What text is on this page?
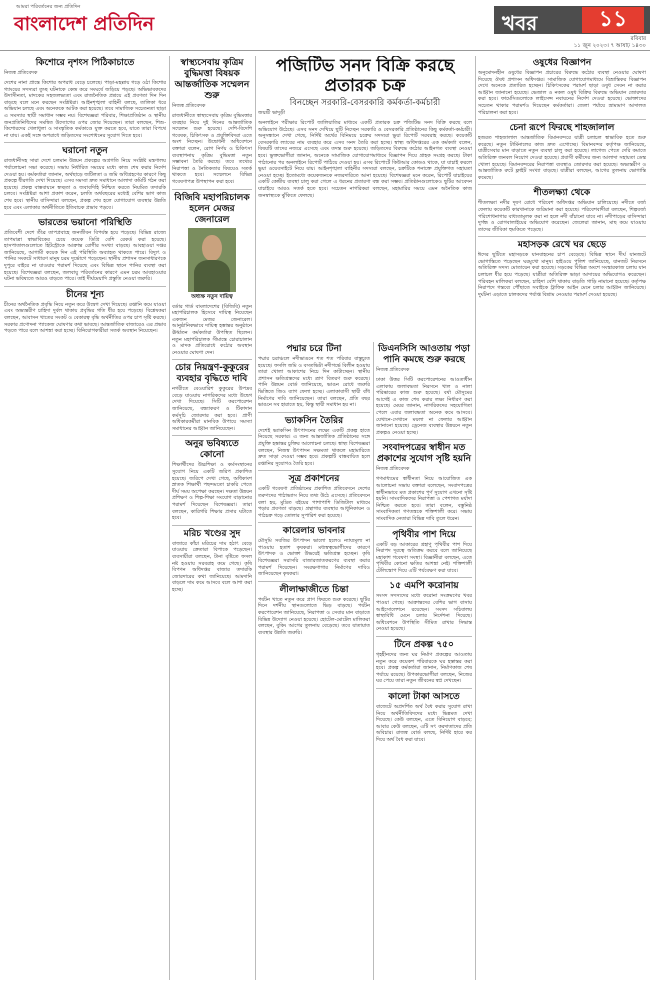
আমরা পরিবর্তনের জন্য প্রতিদিন
বাংলাদেশ প্রতিদিন	খবর	১১
রবিবার
১১ জুন ২০২৩। ৭ আষাঢ় ১৪৩০
কিশোরে নৃশংস পিঠিকাচাতে
নিজস্ব প্রতিবেদক
দেশের নানা প্রান্তে কিশোর অপরাধ বেড়ে চলেছে। পাড়া-মহল্লায় গড়ে ওঠা কিশোর গ্যাংয়ের সদস্যরা তুচ্ছ ঘটনাকে কেন্দ্র করে সংঘর্ষে জড়িয়ে পড়ছে। অভিভাবকদের উদাসীনতা, মাদকের সহজলভ্যতা এবং রাজনৈতিক প্রশ্রয়ে এই প্রবণতা দিন দিন বাড়ছে বলে মনে করছেন সংশ্লিষ্টরা। আইনশৃঙ্খলা বাহিনী বলছে, তালিকা ধরে অভিযান চলছে এবং অনেককে আটক করা হয়েছে। তবে সামাজিক সচেতনতা ছাড়া এ সমস্যার স্থায়ী সমাধান সম্ভব নয়। বিশেষজ্ঞরা পরিবার, শিক্ষাপ্রতিষ্ঠান ও স্থানীয় জনপ্রতিনিধিদের সমন্বিত উদ্যোগের ওপর জোর দিয়েছেন। তারা বলছেন, শিশু-কিশোরদের খেলাধুলা ও সাংস্কৃতিক কর্মকাণ্ডে যুক্ত করতে হবে, যাতে তারা বিপথে না যায়। একই সঙ্গে অপরাধে জড়িতদের সংশোধনের সুযোগ দিতে হবে।
ঘরানো নতুন
রাজধানীসহ সারা দেশে চলমান উন্নয়ন প্রকল্পের অগ্রগতি নিয়ে সংশ্লিষ্ট মন্ত্রণালয় পর্যালোচনা সভা করেছে। সভায় নির্ধারিত সময়ের মধ্যে কাজ শেষ করার নির্দেশ দেওয়া হয়। কর্মকর্তারা জানান, অর্থছাড়ে জটিলতা ও জমি অধিগ্রহণের কারণে কিছু প্রকল্পে ধীরগতি দেখা দিয়েছে। এসব সমস্যা দ্রুত সমাধানে আলাদা কমিটি গঠন করা হয়েছে। প্রকল্প বাস্তবায়নে স্বচ্ছতা ও জবাবদিহি নিশ্চিত করতে নিয়মিত তদারকি চলবে। সংশ্লিষ্টরা আশা প্রকাশ করেন, চলতি অর্থবছরের মধ্যেই বেশির ভাগ কাজ শেষ হবে। স্থানীয় বাসিন্দারা বলছেন, প্রকল্প শেষ হলে যোগাযোগ ব্যবস্থার উন্নতি হবে এবং এলাকার অর্থনীতিতে ইতিবাচক প্রভাব পড়বে।
ভারতের ভয়ানো পরিস্থিতি
প্রতিবেশী দেশে তীব্র তাপপ্রবাহে জনজীবন বিপর্যস্ত হয়ে পড়েছে। বিভিন্ন রাজ্যে তাপমাত্রা স্বাভাবিকের চেয়ে কয়েক ডিগ্রি বেশি রেকর্ড করা হয়েছে। হাসপাতালগুলোতে হিটস্ট্রোকে আক্রান্ত রোগীর সংখ্যা বাড়ছে। আবহাওয়া দপ্তর জানিয়েছে, আগামী কয়েক দিন এই পরিস্থিতি অব্যাহত থাকতে পারে। বিদ্যুৎ ও পানির সংকটে সাধারণ মানুষ চরম দুর্ভোগে পড়েছেন। স্থানীয় প্রশাসন জনসাধারণকে দুপুরে বাইরে না যাওয়ার পরামর্শ দিয়েছে এবং বিভিন্ন স্থানে পানির ব্যবস্থা করা হয়েছে। বিশেষজ্ঞরা বলছেন, জলবায়ু পরিবর্তনের কারণে এমন চরম আবহাওয়ার ঘটনা ভবিষ্যতে আরও বাড়তে পারে। তাই দীর্ঘমেয়াদি প্রস্তুতি নেওয়া জরুরি।
চীনের শূন্য
চীনের অর্থনৈতিক প্রবৃদ্ধি নিয়ে নতুন করে উদ্বেগ দেখা দিয়েছে। রপ্তানি কমে যাওয়া এবং অভ্যন্তরীণ চাহিদা দুর্বল থাকায় প্রবৃদ্ধির গতি ধীর হয়ে পড়েছে। বিশ্লেষকরা বলছেন, আবাসন খাতের সংকট ও বেকারত্ব বৃদ্ধি অর্থনীতির ওপর চাপ সৃষ্টি করছে। সরকার প্রণোদনা প্যাকেজ ঘোষণার কথা ভাবছে। আন্তর্জাতিক বাজারেও এর প্রভাব পড়তে পারে বলে আশঙ্কা করা হচ্ছে। বিনিয়োগকারীরা সতর্ক অবস্থান নিয়েছেন।
স্বাস্থ্যসেবায় কৃত্রিম বুদ্ধিমত্তা বিষয়ক আন্তর্জাতিক সম্মেলন শুরু
নিজস্ব প্রতিবেদক
রাজধানীতে স্বাস্থ্যসেবায় কৃত্রিম বুদ্ধিমত্তার ব্যবহার নিয়ে দুই দিনের আন্তর্জাতিক সম্মেলন শুরু হয়েছে। দেশি-বিদেশি গবেষক, চিকিৎসক ও প্রযুক্তিবিদরা এতে অংশ নিচ্ছেন। উদ্বোধনী অধিবেশনে বক্তারা বলেন, রোগ নির্ণয় ও চিকিৎসা ব্যবস্থাপনায় কৃত্রিম বুদ্ধিমত্তা নতুন সম্ভাবনা তৈরি করছে। তবে তথ্যের নিরাপত্তা ও নৈতিকতার বিষয়েও সতর্ক থাকতে হবে। সম্মেলনে বিভিন্ন গবেষণাপত্র উপস্থাপন করা হবে।
বিজিবি মহাপরিচালক হলেন মেজর জেনারেল
অধ্যক্ষ নতুন দায়িত্ব
বর্ডার গার্ড বাংলাদেশের (বিজিবি) নতুন মহাপরিচালক হিসেবে দায়িত্ব নিয়েছেন একজন মেজর জেনারেল। আনুষ্ঠানিকভাবে দায়িত্ব হস্তান্তর অনুষ্ঠানে ঊর্ধ্বতন কর্মকর্তারা উপস্থিত ছিলেন। নতুন মহাপরিচালক সীমান্তে চোরাচালান ও মাদক প্রতিরোধে কঠোর অবস্থান নেওয়ার ঘোষণা দেন।
চোর নিয়ন্ত্রণ-কুকুরের ব্যবহার বৃদ্ধিতে দাবি
নগরীতে বেওয়ারিশ কুকুরের উপদ্রব বেড়ে যাওয়ায় নাগরিকদের মধ্যে উদ্বেগ দেখা দিয়েছে। সিটি করপোরেশন জানিয়েছে, বন্ধ্যাকরণ ও টিকাদান কর্মসূচি জোরদার করা হবে। প্রাণী অধিকারকর্মীরা মানবিক উপায়ে সমস্যা সমাধানের আহ্বান জানিয়েছেন।
অনুর ভবিষ্যতে কোনো
শিক্ষার্থীদের উচ্চশিক্ষা ও কর্মসংস্থানের সুযোগ নিয়ে একটি জরিপ প্রকাশিত হয়েছে। জরিপে দেখা গেছে, অধিকাংশ স্নাতক শিক্ষার্থী পছন্দমতো চাকরি পেতে দীর্ঘ সময় অপেক্ষা করছেন। দক্ষতা উন্নয়ন প্রশিক্ষণ ও শিল্প-শিক্ষা সংযোগ বাড়ানোর পরামর্শ দিয়েছেন বিশেষজ্ঞরা। তারা বলছেন, কারিগরি শিক্ষার প্রসার ঘটাতে হবে।
মরিচ খণ্ডের সুদ
বাজারে কাঁচা মরিচের দাম হঠাৎ বেড়ে যাওয়ায় ক্রেতারা বিপাকে পড়েছেন। ব্যবসায়ীরা বলছেন, টানা বৃষ্টিতে ফসল নষ্ট হওয়ায় সরবরাহ কমে গেছে। কৃষি বিপণন অধিদপ্তর বাজার তদারকি জোরদারের কথা জানিয়েছে। আমদানি বাড়লে দাম কমে আসবে বলে আশা করা হচ্ছে।
পজিটিভ সনদ বিক্রি করছে প্রতারক চক্র
বিনচ্ছেন সরকারি-বেসরকারি কর্মকর্তা-কর্মচারী
জয়শ্রী ভাদুড়ী
অনলাইনে পরীক্ষার রিপোর্ট জালিয়াতির মাধ্যমে একটি প্রতারক চক্র পজিটিভ সনদ বিক্রি করছে বলে অভিযোগ উঠেছে। এসব সনদ দেখিয়ে ছুটি নিচ্ছেন সরকারি ও বেসরকারি প্রতিষ্ঠানের কিছু কর্মকর্তা-কর্মচারী। অনুসন্ধানে দেখা গেছে, নির্দিষ্ট অর্থের বিনিময়ে চক্রের সদস্যরা ভুয়া রিপোর্ট সরবরাহ করছে। কয়েকটি বেসরকারি ল্যাবের নাম ব্যবহার করে এসব সনদ তৈরি করা হচ্ছে। স্বাস্থ্য অধিদপ্তরের এক কর্মকর্তা বলেন, বিষয়টি তাদের নজরে এসেছে এবং তদন্ত শুরু হয়েছে। জড়িতদের বিরুদ্ধে কঠোর আইনগত ব্যবস্থা নেওয়া হবে। ভুক্তভোগীরা জানান, অনেকে সামাজিক যোগাযোগমাধ্যমে বিজ্ঞাপন দিয়ে গ্রাহক সংগ্রহ করছে। টাকা পাঠানোর পর অনলাইনে রিপোর্ট পাঠিয়ে দেওয়া হয়। এসব রিপোর্টে কিউআর কোডও থাকে, যা যাচাই করলে ভুয়া ওয়েবসাইটে নিয়ে যায়। আইনশৃঙ্খলা বাহিনীর সদস্যরা বলছেন, চক্রটিকে শনাক্তে প্রযুক্তিগত সহায়তা নেওয়া হচ্ছে। ইতোমধ্যে কয়েকজনকে নজরদারিতে আনা হয়েছে। বিশেষজ্ঞরা মনে করেন, রিপোর্ট যাচাইয়ের একটি কেন্দ্রীয় ব্যবস্থা চালু করা গেলে এ ধরনের প্রতারণা বন্ধ করা সম্ভব। প্রতিষ্ঠানগুলোকেও ছুটির আবেদন যাচাইয়ে আরও সতর্ক হতে হবে। সচেতন নাগরিকরা বলছেন, মহামারির সময়ে এমন অনৈতিক কাজ জনস্বাস্থ্যকে ঝুঁকিতে ফেলছে।
পদ্মার চরে টিনা
পদ্মার চরাঞ্চলে নদীভাঙনে শত শত পরিবার বাস্তুচ্যুত হয়েছে। ফসলি জমি ও বসতভিটা নদীগর্ভে বিলীন হওয়ায় তারা খোলা আকাশের নিচে দিন কাটাচ্ছেন। স্থানীয় প্রশাসন ক্ষতিগ্রস্তদের মধ্যে ত্রাণ বিতরণ শুরু করেছে। পানি উন্নয়ন বোর্ড জানিয়েছে, ভাঙন রোধে জরুরি ভিত্তিতে জিও ব্যাগ ফেলা হচ্ছে। এলাকাবাসী স্থায়ী বাঁধ নির্মাণের দাবি জানিয়েছেন। তারা বলছেন, প্রতি বছর ভাঙনে সব হারাতে হয়, কিন্তু স্থায়ী সমাধান হয় না।
ভ্যাকসিন তৈরির
দেশেই ভ্যাকসিন উৎপাদনের লক্ষ্যে একটি প্রকল্প হাতে নিয়েছে সরকার। এ জন্য আন্তর্জাতিক প্রতিষ্ঠানের সঙ্গে প্রযুক্তি হস্তান্তর চুক্তির আলোচনা চলছে। স্বাস্থ্য বিশেষজ্ঞরা বলছেন, নিজস্ব উৎপাদন সক্ষমতা থাকলে মহামারিতে দ্রুত সাড়া দেওয়া সম্ভব হবে। প্রকল্পটি বাস্তবায়িত হলে রপ্তানির সুযোগও তৈরি হবে।
সূত্র প্রকাশনের
একটি গবেষণা প্রতিষ্ঠানের প্রকাশিত প্রতিবেদনে দেশের তরুণদের পাঠাভ্যাস নিয়ে তথ্য উঠে এসেছে। প্রতিবেদনে বলা হয়, মুদ্রিত বইয়ের পাশাপাশি ডিজিটাল মাধ্যমে পড়ার প্রবণতা বাড়ছে। গ্রন্থাগার ব্যবস্থার আধুনিকায়ন ও পাঠচক্র গড়ে তোলার সুপারিশ করা হয়েছে।
কারেলার ভাবনার
মৌসুমি সবজির উৎপাদন ভালো হলেও ন্যায্যমূল্য না পাওয়ায় হতাশ কৃষকরা। মধ্যস্বত্বভোগীদের কারণে উৎপাদক ও ভোক্তা উভয়েই ক্ষতিগ্রস্ত হচ্ছেন। কৃষি বিশেষজ্ঞরা সরাসরি বাজারজাতকরণের ব্যবস্থা করার পরামর্শ দিয়েছেন। সংরক্ষণাগার নির্মাণের দাবিও জানিয়েছেন কৃষকরা।
লীলাক্ষাজীতে চিন্তা
পর্যটন খাতে নতুন করে প্রাণ ফিরতে শুরু করেছে। ছুটির দিনে দর্শনীয় স্থানগুলোতে ভিড় বাড়ছে। পর্যটন করপোরেশন জানিয়েছে, নিরাপত্তা ও সেবার মান বাড়াতে বিভিন্ন উদ্যোগ নেওয়া হয়েছে। হোটেল-মোটেল মালিকরা বলছেন, বুকিং আগের তুলনায় বেড়েছে। তবে যাতায়াত ব্যবস্থার উন্নতি জরুরি।
ডিএনসিসি আওতায় পড়া পানি কমছে শুরু করছে
নিজস্ব প্রতিবেদক
ঢাকা উত্তর সিটি করপোরেশনের আওতাধীন এলাকায় জলাবদ্ধতা নিরসনে খাল ও নালা পরিষ্কারের কাজ শুরু হয়েছে। বর্ষা মৌসুমের আগেই এ কাজ শেষ করার লক্ষ্য নির্ধারণ করা হয়েছে। মেয়র জানান, নাগরিকদের সহযোগিতা পেলে এবার জলাবদ্ধতা অনেক কমে আসবে। যেখানে-সেখানে ময়লা না ফেলার আহ্বান জানানো হয়েছে। ড্রেনেজ ব্যবস্থার উন্নয়নে নতুন প্রকল্পও নেওয়া হচ্ছে।
সংবাদপত্রের স্বাধীন মত প্রকাশের সুযোগ সৃষ্টি হয়নি
নিজস্ব প্রতিবেদক
গণমাধ্যমের স্বাধীনতা নিয়ে আয়োজিত এক আলোচনা সভায় বক্তারা বলেছেন, সংবাদপত্রের স্বাধীনভাবে মত প্রকাশের পূর্ণ সুযোগ এখনো সৃষ্টি হয়নি। সাংবাদিকদের নিরাপত্তা ও পেশাগত মর্যাদা নিশ্চিত করতে হবে। তারা বলেন, বস্তুনিষ্ঠ সাংবাদিকতা গণতন্ত্রকে শক্তিশালী করে। সভায় সাংবাদিক নেতারা বিভিন্ন দাবি তুলে ধরেন।
পৃথিবীর পাশ দিয়ে
একটি বড় আকারের গ্রহাণু পৃথিবীর পাশ দিয়ে নিরাপদ দূরত্বে অতিক্রম করবে বলে জানিয়েছে মহাকাশ গবেষণা সংস্থা। বিজ্ঞানীরা বলছেন, এতে পৃথিবীর কোনো ক্ষতির আশঙ্কা নেই। শক্তিশালী টেলিস্কোপ দিয়ে এটি পর্যবেক্ষণ করা যাবে।
১৫ এমপি করোনায়
সংসদ সদস্যদের মধ্যে করোনা সংক্রমণের খবর পাওয়া গেছে। আক্রান্তদের বেশির ভাগ বাসায় আইসোলেশনে রয়েছেন। সংসদ সচিবালয় স্বাস্থ্যবিধি মেনে চলার নির্দেশনা দিয়েছে। অধিবেশনে উপস্থিতি সীমিত রাখার সিদ্ধান্ত নেওয়া হয়েছে।
টিনে প্রকল্প ৭৫০
গৃহহীনদের জন্য ঘর নির্মাণ প্রকল্পের আওতায় নতুন করে কয়েকশ পরিবারকে ঘর হস্তান্তর করা হবে। প্রকল্প কর্মকর্তারা জানান, নির্মাণকাজ শেষ পর্যায়ে রয়েছে। উপকারভোগীরা বলছেন, নিজের ঘর পেয়ে তারা নতুন জীবনের স্বপ্ন দেখছেন।
কালো টাকা আসতে
বাজেটে অপ্রদর্শিত অর্থ বৈধ করার সুযোগ রাখা নিয়ে অর্থনীতিবিদদের মধ্যে ভিন্নমত দেখা দিয়েছে। কেউ বলছেন, এতে বিনিয়োগ বাড়বে; আবার কেউ বলছেন, এটি সৎ করদাতাদের প্রতি অবিচার। রাজস্ব বোর্ড বলছে, নির্দিষ্ট হারে কর দিয়ে অর্থ বৈধ করা যাবে।
ওষুধের বিজ্ঞাপন
অনুমোদনহীন ওষুধের বিজ্ঞাপন প্রচারের বিরুদ্ধে কঠোর ব্যবস্থা নেওয়ার ঘোষণা দিয়েছে ঔষধ প্রশাসন অধিদপ্তর। সামাজিক যোগাযোগমাধ্যমে বিভ্রান্তিকর বিজ্ঞাপন দেখে অনেকে প্রতারিত হচ্ছেন। চিকিৎসকের পরামর্শ ছাড়া ওষুধ সেবন না করার আহ্বান জানানো হয়েছে। ভেজাল ও নকল ওষুধ বিক্রির বিরুদ্ধে অভিযান জোরদার করা হবে। ফার্মেসিগুলোকে লাইসেন্স নবায়নের নির্দেশ দেওয়া হয়েছে। ভোক্তাদের সচেতন থাকার পরামর্শও দিয়েছেন কর্মকর্তারা। জেলা পর্যায়ে ভ্রাম্যমাণ আদালত পরিচালনা করা হবে।
চেনা রূপে ফিরছে শাহজালাল
হজরত শাহজালাল আন্তর্জাতিক বিমানবন্দরে যাত্রী চলাচল স্বাভাবিক হতে শুরু করেছে। নতুন টার্মিনালের কাজ দ্রুত এগোচ্ছে। বিমানবন্দর কর্তৃপক্ষ জানিয়েছে, যাত্রীসেবার মান বাড়াতে নতুন ব্যবস্থা চালু করা হয়েছে। লাগেজ পেতে দেরি কমাতে অতিরিক্ত জনবল নিয়োগ দেওয়া হয়েছে। প্রবাসী কর্মীদের জন্য আলাদা সহায়তা ডেস্ক খোলা হয়েছে। বিমানবন্দরের নিরাপত্তা ব্যবস্থাও জোরদার করা হয়েছে। অভ্যন্তরীণ ও আন্তর্জাতিক রুটে ফ্লাইট সংখ্যা বাড়ছে। যাত্রীরা বলছেন, আগের তুলনায় ভোগান্তি কমেছে।
শীতলক্ষ্যা থেকে
শীতলক্ষ্যা নদীর দূষণ রোধে পরিবেশ অধিদপ্তর অভিযান চালিয়েছে। নদীতে বর্জ্য ফেলায় কয়েকটি কারখানাকে জরিমানা করা হয়েছে। পরিবেশবাদীরা বলছেন, শিল্পবর্জ্য পরিশোধনাগার বাধ্যতামূলক করা না হলে নদী বাঁচানো যাবে না। নদীপাড়ের বাসিন্দারা দুর্গন্ধ ও রোগবালাইয়ের অভিযোগ করেছেন। জেলেরা জানান, মাছ কমে যাওয়ায় তাদের জীবিকা হুমকিতে পড়েছে।
মহাসড়ক রেখে ঘর ছেড়ে
ঈদের ছুটিতে মহাসড়কে যানবাহনের চাপ বেড়েছে। বিভিন্ন স্থানে দীর্ঘ যানজটে ভোগান্তিতে পড়েছেন ঘরমুখো মানুষ। হাইওয়ে পুলিশ জানিয়েছে, যানজট নিরসনে অতিরিক্ত সদস্য মোতায়েন করা হয়েছে। সড়কের বিভিন্ন অংশে সংস্কারকাজ চলায় যান চলাচল ধীর হয়ে পড়েছে। যাত্রীরা অতিরিক্ত ভাড়া আদায়ের অভিযোগও করেছেন। পরিবহন মালিকরা বলছেন, চাহিদা বেশি থাকায় বাড়তি গাড়ি নামানো হয়েছে। কর্তৃপক্ষ নিরাপদে গন্তব্যে পৌঁছাতে সবাইকে ট্রাফিক আইন মেনে চলার আহ্বান জানিয়েছে। দুর্ঘটনা এড়াতে চালকদের পর্যাপ্ত বিশ্রাম নেওয়ার পরামর্শ দেওয়া হয়েছে।
